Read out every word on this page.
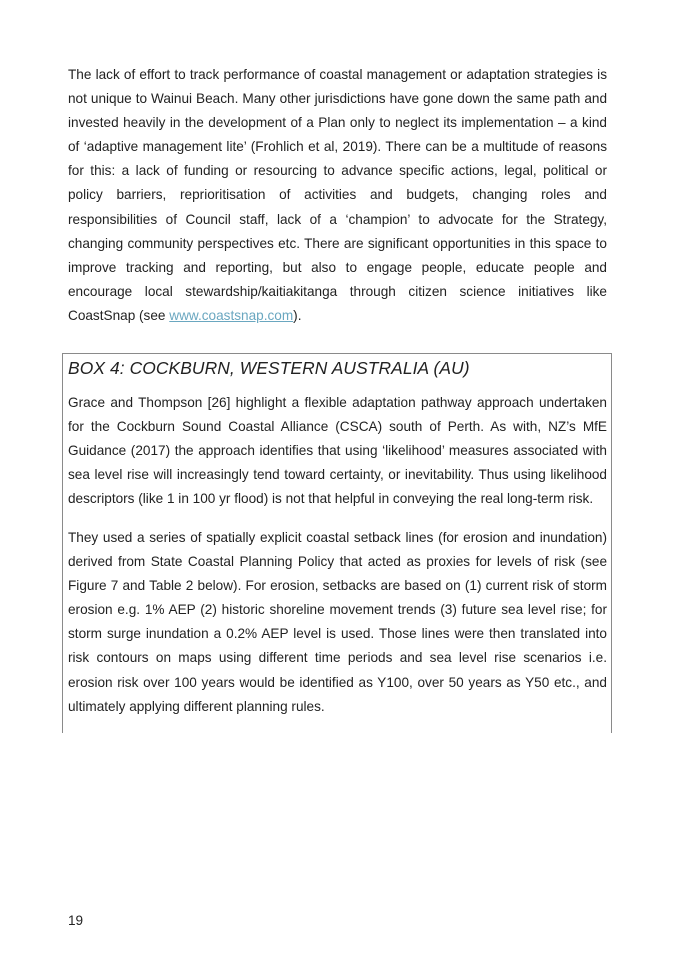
The lack of effort to track performance of coastal management or adaptation strategies is not unique to Wainui Beach. Many other jurisdictions have gone down the same path and invested heavily in the development of a Plan only to neglect its implementation – a kind of ‘adaptive management lite’ (Frohlich et al, 2019). There can be a multitude of reasons for this: a lack of funding or resourcing to advance specific actions, legal, political or policy barriers, reprioritisation of activities and budgets, changing roles and responsibilities of Council staff, lack of a ‘champion’ to advocate for the Strategy, changing community perspectives etc. There are significant opportunities in this space to improve tracking and reporting, but also to engage people, educate people and encourage local stewardship/kaitiakitanga through citizen science initiatives like CoastSnap (see www.coastsnap.com).

BOX 4: COCKBURN, WESTERN AUSTRALIA (AU)

Grace and Thompson [26] highlight a flexible adaptation pathway approach undertaken for the Cockburn Sound Coastal Alliance (CSCA) south of Perth. As with, NZ’s MfE Guidance (2017) the approach identifies that using ‘likelihood’ measures associated with sea level rise will increasingly tend toward certainty, or inevitability. Thus using likelihood descriptors (like 1 in 100 yr flood) is not that helpful in conveying the real long-term risk.

They used a series of spatially explicit coastal setback lines (for erosion and inundation) derived from State Coastal Planning Policy that acted as proxies for levels of risk (see Figure 7 and Table 2 below). For erosion, setbacks are based on (1) current risk of storm erosion e.g. 1% AEP (2) historic shoreline movement trends (3) future sea level rise; for storm surge inundation a 0.2% AEP level is used. Those lines were then translated into risk contours on maps using different time periods and sea level rise scenarios i.e. erosion risk over 100 years would be identified as Y100, over 50 years as Y50 etc., and ultimately applying different planning rules.

19
